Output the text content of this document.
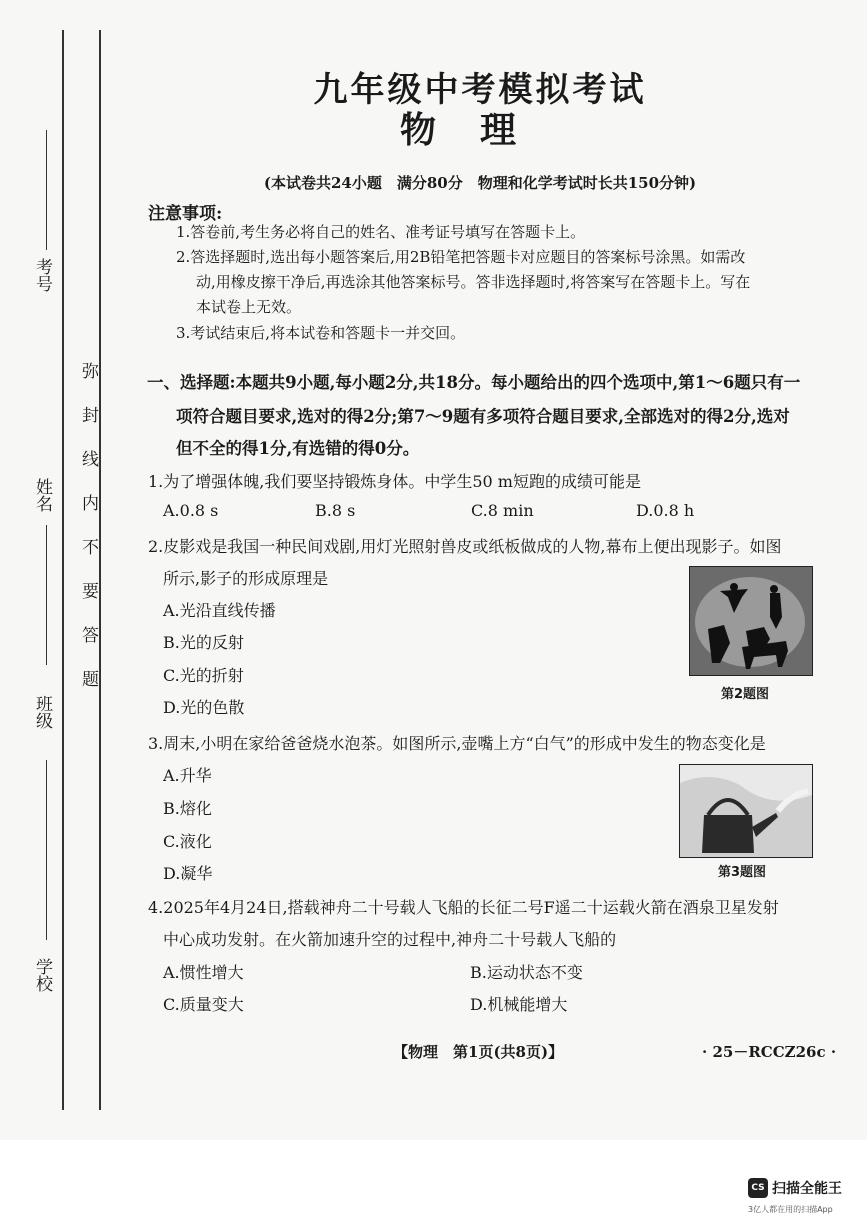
考号
姓名
班级
学校
弥封线内不要答题
九年级中考模拟考试
物理
(本试卷共24小题　满分80分　物理和化学考试时长共150分钟)
注意事项:
1.答卷前,考生务必将自己的姓名、准考证号填写在答题卡上。
2.答选择题时,选出每小题答案后,用2B铅笔把答题卡对应题目的答案标号涂黑。如需改
动,用橡皮擦干净后,再选涂其他答案标号。答非选择题时,将答案写在答题卡上。写在
本试卷上无效。
3.考试结束后,将本试卷和答题卡一并交回。
一、选择题:本题共9小题,每小题2分,共18分。每小题给出的四个选项中,第1～6题只有一
项符合题目要求,选对的得2分;第7～9题有多项符合题目要求,全部选对的得2分,选对
但不全的得1分,有选错的得0分。
1.为了增强体魄,我们要坚持锻炼身体。中学生50 m短跑的成绩可能是
A.0.8 s	B.8 s	C.8 min	D.0.8 h
2.皮影戏是我国一种民间戏剧,用灯光照射兽皮或纸板做成的人物,幕布上便出现影子。如图
所示,影子的形成原理是
A.光沿直线传播
B.光的反射
C.光的折射
D.光的色散
第2题图
3.周末,小明在家给爸爸烧水泡茶。如图所示,壶嘴上方“白气”的形成中发生的物态变化是
A.升华
B.熔化
C.液化
D.凝华	第3题图
4.2025年4月24日,搭载神舟二十号载人飞船的长征二号F遥二十运载火箭在酒泉卫星发射
中心成功发射。在火箭加速升空的过程中,神舟二十号载人飞船的
A.惯性增大	B.运动状态不变
C.质量变大	D.机械能增大
【物理　第1页(共8页)】	· 25－RCCZ26c ·
CS 扫描全能王
3亿人都在用的扫描App
